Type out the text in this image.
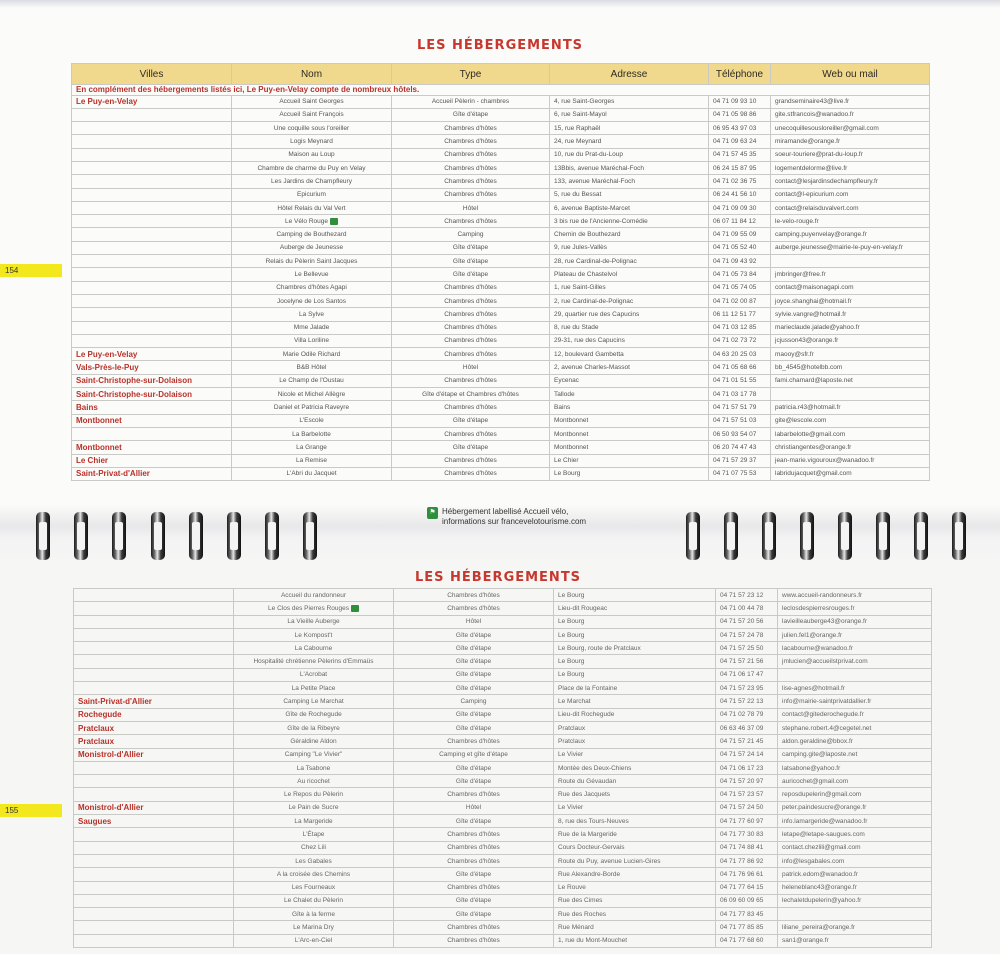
LES HÉBERGEMENTS
Villes	Nom	Type	Adresse	Téléphone	Web ou mail
En complément des hébergements listés ici, Le Puy-en-Velay compte de nombreux hôtels.					
Le Puy-en-Velay	Accueil Saint Georges	Accueil Pèlerin - chambres	4, rue Saint-Georges	04 71 09 93 10	grandseminaire43@live.fr
	Accueil Saint François	Gîte d'étape	6, rue Saint-Mayol	04 71 05 98 86	gite.stfrancois@wanadoo.fr
	Une coquille sous l'oreiller	Chambres d'hôtes	15, rue Raphaël	06 95 43 97 03	unecoquillesousloreiller@gmail.com
	Logis Meynard	Chambres d'hôtes	24, rue Meynard	04 71 09 63 24	miramande@orange.fr
	Maison au Loup	Chambres d'hôtes	10, rue du Prat-du-Loup	04 71 57 45 35	soeur-touriere@prat-du-loup.fr
	Chambre de charme du Puy en Velay	Chambres d'hôtes	13Bbis, avenue Maréchal-Foch	06 24 15 87 95	logementdelorme@live.fr
	Les Jardins de Champfleury	Chambres d'hôtes	133, avenue Maréchal-Foch	04 71 02 36 75	contact@lesjardinsdechampfleury.fr
	Epicurium	Chambres d'hôtes	5, rue du Bessat	06 24 41 56 10	contact@l-epicurium.com
	Hôtel Relais du Val Vert	Hôtel	6, avenue Baptiste-Marcet	04 71 09 09 30	contact@relaisduvalvert.com
	Le Vélo Rouge	Chambres d'hôtes	3 bis rue de l'Ancienne-Comédie	06 07 11 84 12	le-velo-rouge.fr
	Camping de Bouthezard	Camping	Chemin de Bouthezard	04 71 09 55 09	camping.puyenvelay@orange.fr
	Auberge de Jeunesse	Gîte d'étape	9, rue Jules-Vallès	04 71 05 52 40	auberge.jeunesse@mairie-le-puy-en-velay.fr
	Relais du Pèlerin Saint Jacques	Gîte d'étape	28, rue Cardinal-de-Polignac	04 71 09 43 92	
	Le Bellevue	Gîte d'étape	Plateau de Chastelvol	04 71 05 73 84	jmbringer@free.fr
	Chambres d'hôtes Agapi	Chambres d'hôtes	1, rue Saint-Gilles	04 71 05 74 05	contact@maisonagapi.com
	Jocelyne de Los Santos	Chambres d'hôtes	2, rue Cardinal-de-Polignac	04 71 02 00 87	joyce.shanghai@hotmail.fr
	La Sylve	Chambres d'hôtes	29, quartier rue des Capucins	06 11 12 51 77	sylvie.vangre@hotmail.fr
	Mme Jalade	Chambres d'hôtes	8, rue du Stade	04 71 03 12 85	marieclaude.jalade@yahoo.fr
	Villa Loriline	Chambres d'hôtes	29-31, rue des Capucins	04 71 02 73 72	jcjusson43@orange.fr
Le Puy-en-Velay	Marie Odile Richard	Chambres d'hôtes	12, boulevard Gambetta	04 63 20 25 03	maooy@sfr.fr
Vals-Près-le-Puy	B&B Hôtel	Hôtel	2, avenue Charles-Massot	04 71 05 68 66	bb_4545@hotelbb.com
Saint-Christophe-sur-Dolaison	Le Champ de l'Oustau	Chambres d'hôtes	Eycenac	04 71 01 51 55	fami.chamard@laposte.net
Saint-Christophe-sur-Dolaison	Nicole et Michel Allègre	Gîte d'étape et Chambres d'hôtes	Tallode	04 71 03 17 78	
Bains	Daniel et Patricia Raveyre	Chambres d'hôtes	Bains	04 71 57 51 79	patricia.r43@hotmail.fr
Montbonnet	L'Escole	Gîte d'étape	Montbonnet	04 71 57 51 03	gite@lescole.com
	La Barbelotte	Chambres d'hôtes	Montbonnet	06 50 93 54 07	labarbelotte@gmail.com
Montbonnet	La Grange	Gîte d'étape	Montbonnet	06 20 74 47 43	christiangentes@orange.fr
Le Chier	La Remise	Chambres d'hôtes	Le Chier	04 71 57 29 37	jean-marie.vigouroux@wanadoo.fr
Saint-Privat-d'Allier	L'Abri du Jacquet	Chambres d'hôtes	Le Bourg	04 71 07 75 53	labridujacquet@gmail.com
154
⚑ Hébergement labellisé Accueil vélo,
informations sur francevelotourisme.com
LES HÉBERGEMENTS
	Accueil du randonneur	Chambres d'hôtes	Le Bourg	04 71 57 23 12	www.accueil-randonneurs.fr
	Le Clos des Pierres Rouges	Chambres d'hôtes	Lieu-dit Rougeac	04 71 00 44 78	leclosdespierresrouges.fr
	La Vieille Auberge	Hôtel	Le Bourg	04 71 57 20 56	lavieilleauberge43@orange.fr
	Le Kompost't	Gîte d'étape	Le Bourg	04 71 57 24 78	julien.fel1@orange.fr
	La Cabourne	Gîte d'étape	Le Bourg, route de Pratclaux	04 71 57 25 50	lacabourne@wanadoo.fr
	Hospitalité chrétienne Pèlerins d'Emmaüs	Gîte d'étape	Le Bourg	04 71 57 21 56	jmlucien@accueilstprivat.com
	L'Acrobat	Gîte d'étape	Le Bourg	04 71 06 17 47	
	La Petite Place	Gîte d'étape	Place de la Fontaine	04 71 57 23 95	lise-agnes@hotmail.fr
Saint-Privat-d'Allier	Camping Le Marchat	Camping	Le Marchat	04 71 57 22 13	info@mairie-saintprivatdallier.fr
Rochegude	Gîte de Rochegude	Gîte d'étape	Lieu-dit Rochegude	04 71 02 78 79	contact@gitederochegude.fr
Pratclaux	Gîte de la Ribeyre	Gîte d'étape	Pratclaux	06 63 46 37 09	stephane.robert.4@cegetel.net
Pratclaux	Géraldine Aldon	Chambres d'hôtes	Pratclaux	04 71 57 21 45	aldon.geraldine@bbox.fr
Monistrol-d'Allier	Camping "Le Vivier"	Camping et gîte d'étape	Le Vivier	04 71 57 24 14	camping.gite@laposte.net
	La Tsabone	Gîte d'étape	Montée des Deux-Chiens	04 71 06 17 23	latsabone@yahoo.fr
	Au ricochet	Gîte d'étape	Route du Gévaudan	04 71 57 20 97	auricochet@gmail.com
	Le Repos du Pèlerin	Chambres d'hôtes	Rue des Jacquets	04 71 57 23 57	reposdupelerin@gmail.com
Monistrol-d'Allier	Le Pain de Sucre	Hôtel	Le Vivier	04 71 57 24 50	peter.paindesucre@orange.fr
Saugues	La Margeride	Gîte d'étape	8, rue des Tours-Neuves	04 71 77 60 97	info.lamargeride@wanadoo.fr
	L'Étape	Chambres d'hôtes	Rue de la Margeride	04 71 77 30 83	letape@letape-saugues.com
	Chez Lili	Chambres d'hôtes	Cours Docteur-Gervais	04 71 74 88 41	contact.chezlili@gmail.com
	Les Gabales	Chambres d'hôtes	Route du Puy, avenue Lucien-Gires	04 71 77 86 92	info@lesgabales.com
	A la croisée des Chemins	Gîte d'étape	Rue Alexandre-Borde	04 71 76 96 61	patrick.edom@wanadoo.fr
	Les Fourneaux	Chambres d'hôtes	Le Rouve	04 71 77 64 15	heleneblanc43@orange.fr
	Le Chalet du Pèlerin	Gîte d'étape	Rue des Cimes	06 09 60 09 65	lechaletdupelerin@yahoo.fr
	Gîte à la ferme	Gîte d'étape	Rue des Roches	04 71 77 83 45	
	Le Marina Dry	Chambres d'hôtes	Rue Ménard	04 71 77 85 85	liliane_pereira@orange.fr
	L'Arc-en-Ciel	Chambres d'hôtes	1, rue du Mont-Mouchet	04 71 77 68 60	san1@orange.fr
155
